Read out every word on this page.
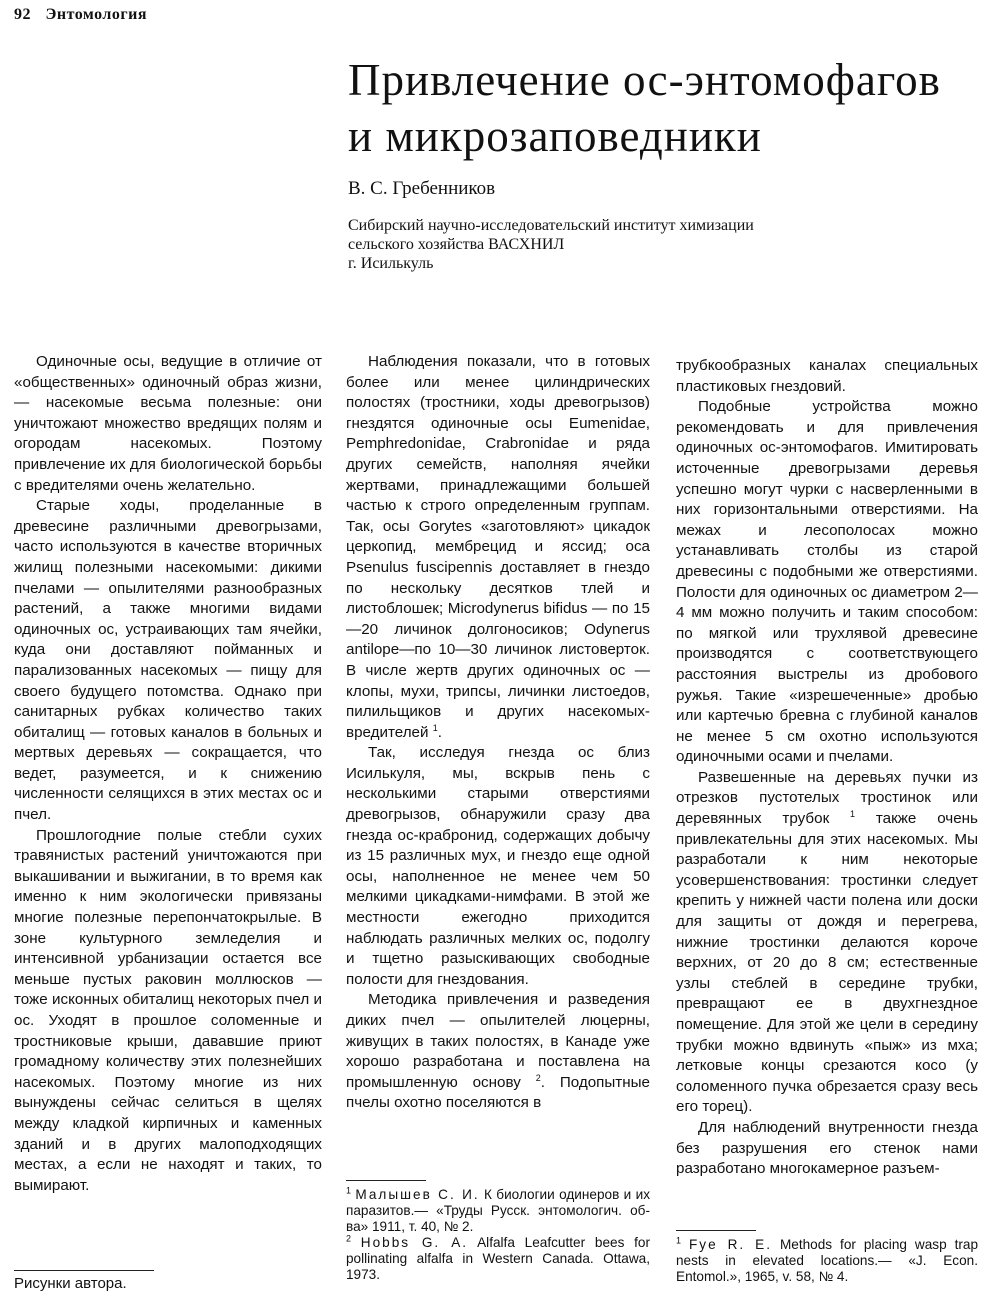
92 Энтомология
Привлечение ос-энтомофагов
и микрозаповедники
В. С. Гребенников
Сибирский научно-исследовательский институт химизации
сельского хозяйства ВАСХНИЛ
г. Исилькуль

Одиночные осы, ведущие в отличие от «общественных» одиночный образ жизни,— насекомые весьма полезные: они уничтожают множество вредящих полям и огородам насекомых. Поэтому привлечение их для биологической борьбы с вредителями очень желательно.

Старые ходы, проделанные в древесине различными древогрызами, часто используются в качестве вторичных жилищ полезными насекомыми: дикими пчелами — опылителями разнообразных растений, а также многими видами одиночных ос, устраивающих там ячейки, куда они доставляют пойманных и парализованных насекомых — пищу для своего будущего потомства. Однако при санитарных рубках количество таких обиталищ — готовых каналов в больных и мертвых деревьях — сокращается, что ведет, разумеется, и к снижению численности селящихся в этих местах ос и пчел.

Прошлогодние полые стебли сухих травянистых растений уничтожаются при выкашивании и выжигании, в то время как именно к ним экологически привязаны многие полезные перепончатокрылые. В зоне культурного земледелия и интенсивной урбанизации остается все меньше пустых раковин моллюсков — тоже исконных обиталищ некоторых пчел и ос. Уходят в прошлое соломенные и тростниковые крыши, дававшие приют громадному количеству этих полезнейших насекомых. Поэтому многие из них вынуждены сейчас селиться в щелях между кладкой кирпичных и каменных зданий и в других малоподходящих местах, а если не находят и таких, то вымирают.

Наблюдения показали, что в готовых более или менее цилиндрических полостях (тростники, ходы древогрызов) гнездятся одиночные осы Eumenidae, Pemphredonidae, Crabronidae и ряда других семейств, наполняя ячейки жертвами, принадлежащими большей частью к строго определенным группам. Так, осы Gorytes «заготовляют» цикадок церкопид, мембрецид и яссид; оса Psenulus fuscipennis доставляет в гнездо по нескольку десятков тлей и листоблошек; Microdynerus bifidus — по 15—20 личинок долгоносиков; Odynerus antilope—по 10—30 личинок листоверток. В числе жертв других одиночных ос — клопы, мухи, трипсы, личинки листоедов, пилильщиков и других насекомых-вредителей $^1$.

Так, исследуя гнезда ос близ Исилькуля, мы, вскрыв пень с несколькими старыми отверстиями древогрызов, обнаружили сразу два гнезда ос-крабронид, содержащих добычу из 15 различных мух, и гнездо еще одной осы, наполненное не менее чем 50 мелкими цикадками-нимфами. В этой же местности ежегодно приходится наблюдать различных мелких ос, подолгу и тщетно разыскивающих свободные полости для гнездования.

Методика привлечения и разведения диких пчел — опылителей люцерны, живущих в таких полостях, в Канаде уже хорошо разработана и поставлена на промышленную основу $^2$. Подопытные пчелы охотно поселяются в

трубкообразных каналах специальных пластиковых гнездовий.

Подобные устройства можно рекомендовать и для привлечения одиночных ос-энтомофагов. Имитировать источенные древогрызами деревья успешно могут чурки с насверленными в них горизонтальными отверстиями. На межах и лесополосах можно устанавливать столбы из старой древесины с подобными же отверстиями. Полости для одиночных ос диаметром 2—4 мм можно получить и таким способом: по мягкой или трухлявой древесине производятся с соответствующего расстояния выстрелы из дробового ружья. Такие «изрешеченные» дробью или картечью бревна с глубиной каналов не менее 5 см охотно используются одиночными осами и пчелами.

Развешенные на деревьях пучки из отрезков пустотелых тростинок или деревянных трубок $^1$ также очень привлекательны для этих насекомых. Мы разработали к ним некоторые усовершенствования: тростинки следует крепить у нижней части полена или доски для защиты от дождя и перегрева, нижние тростинки делаются короче верхних, от 20 до 8 см; естественные узлы стеблей в середине трубки, превращают ее в двухгнездное помещение. Для этой же цели в середину трубки можно вдвинуть «пыж» из мха; летковые концы срезаются косо (у соломенного пучка обрезается сразу весь его торец).

Для наблюдений внутренности гнезда без разрушения его стенок нами разработано многокамерное разъем-

$^1$ Малышев С. И. К биологии одинеров и их паразитов.— «Труды Русск. энтомологич. об-ва» 1911, т. 40, № 2.

$^2$ Hobbs G. A. Alfalfa Leafcutter bees for pollinating alfalfa in Western Canada. Ottawa, 1973.

$^1$ Fye R. E. Methods for placing wasp trap nests in elevated locations.— «J. Econ. Entomol.», 1965, v. 58, № 4.

Рисунки автора.
